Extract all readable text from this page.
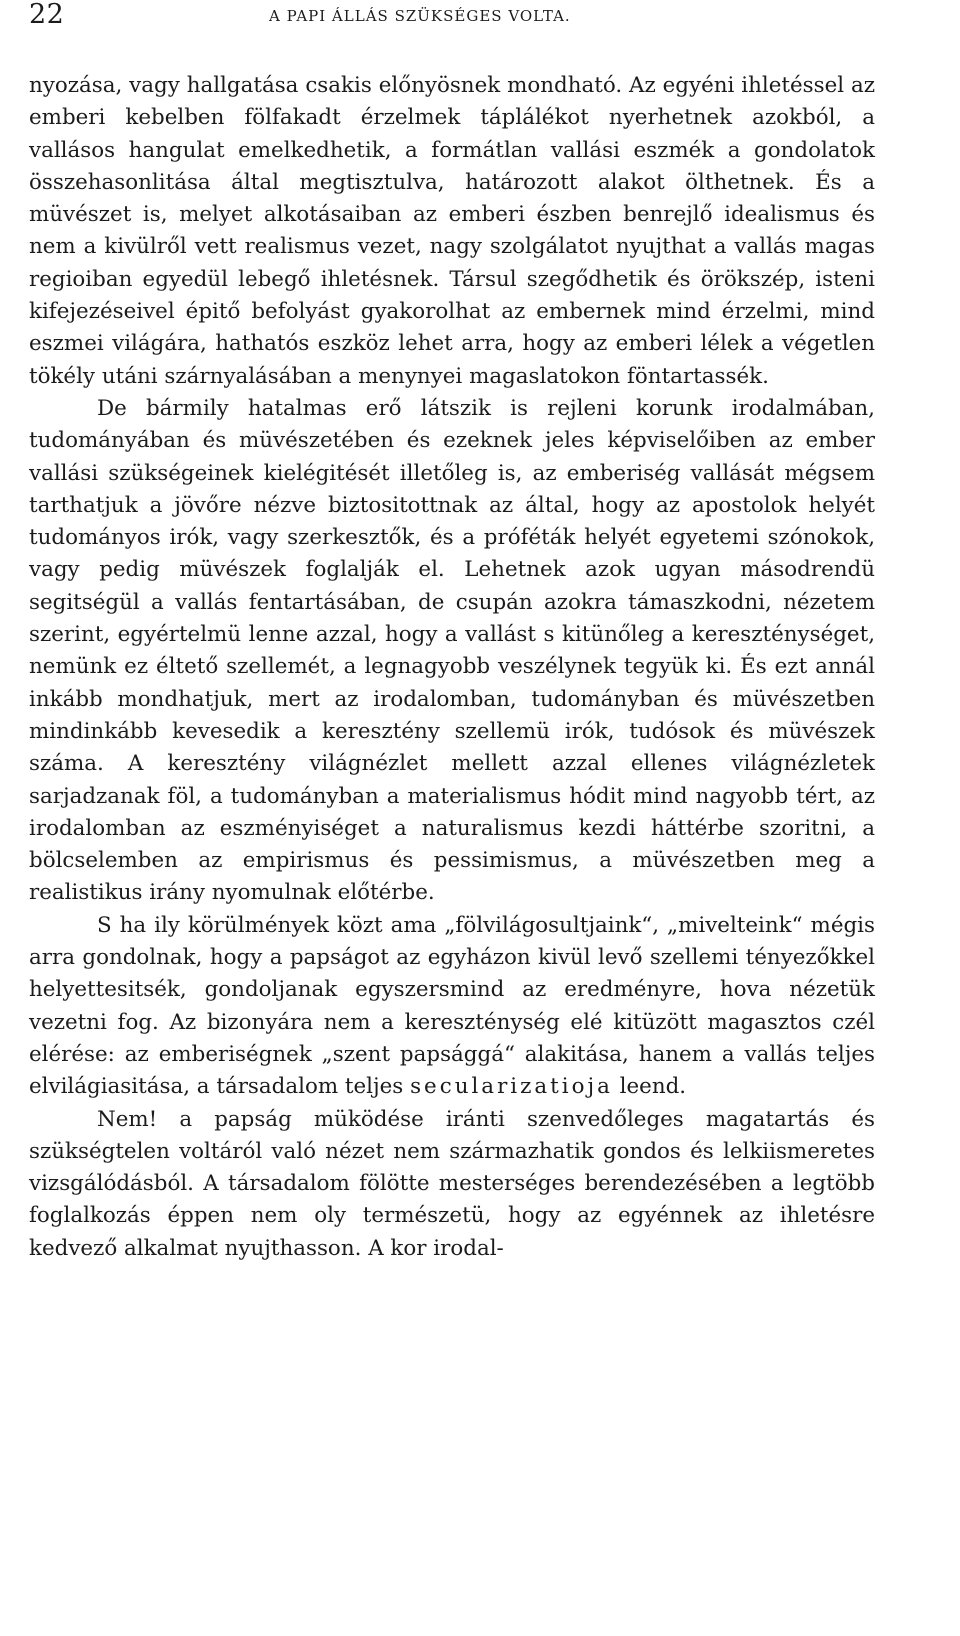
22	A PAPI ÁLLÁS SZÜKSÉGES VOLTA.

nyozása, vagy hallgatása csakis előnyösnek mondható. Az egyéni ihletéssel az emberi kebelben fölfakadt érzelmek táplálékot nyerhetnek azokból, a vallásos hangulat emelkedhetik, a formátlan vallási eszmék a gondolatok összehasonlitása által megtisztulva, határozott alakot ölthetnek. És a müvészet is, melyet alkotásaiban az emberi észben benrejlő idealismus és nem a kivülről vett realismus vezet, nagy szolgálatot nyujthat a vallás magas regioiban egyedül lebegő ihletésnek. Társul szegődhetik és örökszép, isteni kifejezéseivel épitő befolyást gyakorolhat az embernek mind érzelmi, mind eszmei világára, hathatós eszköz lehet arra, hogy az emberi lélek a végetlen tökély utáni szárnyalásában a menynyei magaslatokon föntartassék.

De bármily hatalmas erő látszik is rejleni korunk irodalmában, tudományában és müvészetében és ezeknek jeles képviselőiben az ember vallási szükségeinek kielégitését illetőleg is, az emberiség vallását mégsem tarthatjuk a jövőre nézve biztositottnak az által, hogy az apostolok helyét tudományos irók, vagy szerkesztők, és a próféták helyét egyetemi szónokok, vagy pedig müvészek foglalják el. Lehetnek azok ugyan másodrendü segitségül a vallás fentartásában, de csupán azokra támaszkodni, nézetem szerint, egyértelmü lenne azzal, hogy a vallást s kitünőleg a kereszténységet, nemünk ez éltető szellemét, a legnagyobb veszélynek tegyük ki. És ezt annál inkább mondhatjuk, mert az irodalomban, tudományban és müvészetben mindinkább kevesedik a keresztény szellemü irók, tudósok és müvészek száma. A keresztény világnézlet mellett azzal ellenes világnézletek sarjadzanak föl, a tudományban a materialismus hódit mind nagyobb tért, az irodalomban az eszményiséget a naturalismus kezdi háttérbe szoritni, a bölcselemben az empirismus és pessimismus, a müvészetben meg a realistikus irány nyomulnak előtérbe.

S ha ily körülmények közt ama „fölvilágosultjaink“, „miveltеink“ mégis arra gondolnak, hogy a papságot az egyházon kivül levő szellemi tényezőkkel helyettesitsék, gondoljanak egyszersmind az eredményre, hova nézetük vezetni fog. Az bizonyára nem a kereszténység elé kitüzött magasztos czél elérése: az emberiségnek „szent papsággá“ alakitása, hanem a vallás teljes elvilágiasitása, a társadalom teljes secularizatioja leend.

Nem! a papság müködése iránti szenvedőleges magatartás és szükségtelen voltáról való nézet nem származhatik gondos és lelkiismeretes vizsgálódásból. A társadalom fölötte mesterséges berendezésében a legtöbb foglalkozás éppen nem oly természetü, hogy az egyénnek az ihletésre kedvező alkalmat nyujthasson. A kor irodal-
